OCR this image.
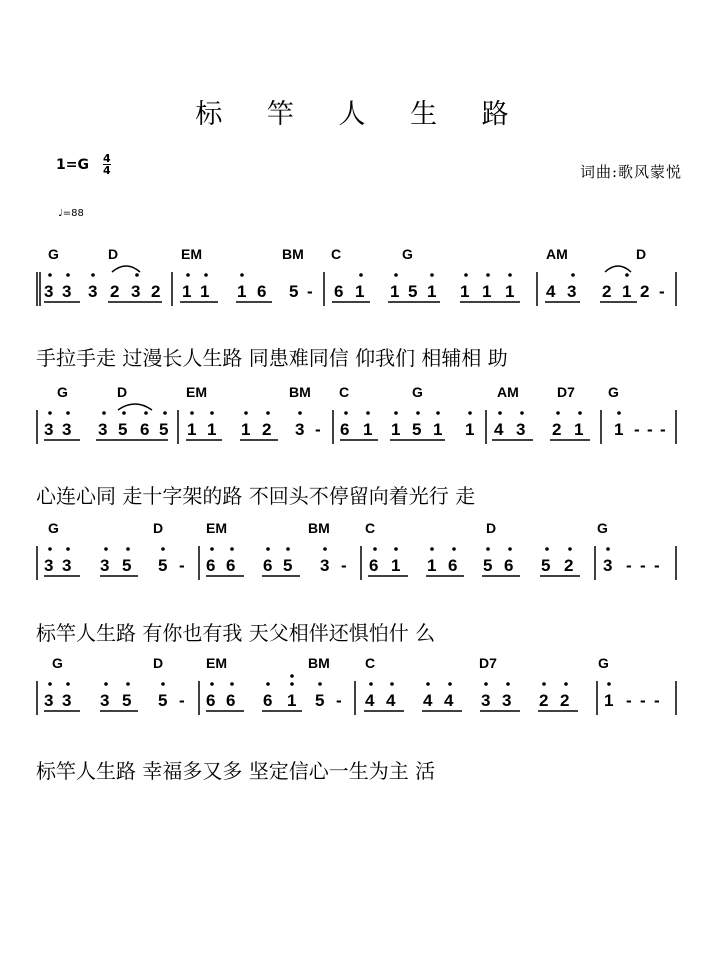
标 竿 人 生 路
$1=G \frac{4}{4}$
♩=88
词曲:歌风蒙悦
G	D	EM	BM C	G	AM	D
3 3 3 2 3 2 1 1 1 6 5 - 6 1 1 5 1 1 1 1 4 3 2 1 2 -
手拉手走 过漫长人生路 同患难同信 仰我们 相辅相 助
G	D	EM	BM C	G	AM	D7 G
3 3 3 5 6 5 1 1 1 2 3 - 6 1 1 5 1 1 4 3 2 1 1 - - -
心连心同 走十字架的路 不回头不停留向着光行 走
G	D	EM	BM	C	D	G
3 3 3 5 5 - 6 6 6 5 3 - 6 1 1 6 5 6 5 2 3 - - -
标竿人生路 有你也有我 天父相伴还惧怕什 么
G	D	EM	BM	C	D7	G
3 3 3 5 5 - 6 6 6 1 5 - 4 4 4 4 3 3 2 2 1 - - -
标竿人生路 幸福多又多 坚定信心一生为主 活
